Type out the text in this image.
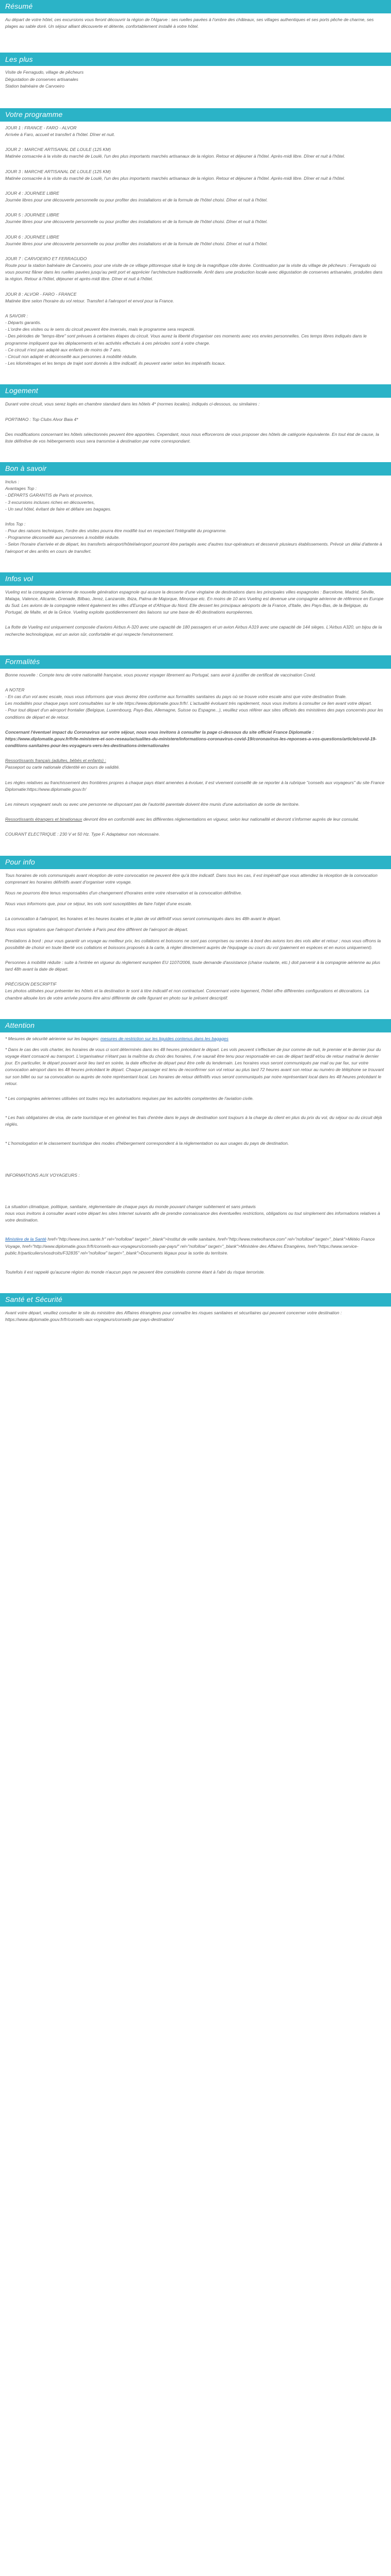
Résumé

Au départ de votre hôtel, ces excursions vous feront découvrir la région de l'Algarve : ses ruelles pavées à l'ombre des châteaux, ses villages authentiques et ses ports pêche de charme, ses plages au sable doré. Un séjour alliant découverte et détente, confortablement installé à votre hôtel.

Les plus
Visite de Ferragudo, village de pêcheurs
Dégustation de conserves artisanales
Station balnéaire de Carvoeiro
Votre programme

JOUR 1 : FRANCE - FARO - ALVOR
Arrivée à Faro, accueil et transfert à l'hôtel. Dîner et nuit.

JOUR 2 : MARCHE ARTISANAL DE LOULE (125 KM)
Matinée consacrée à la visite du marché de Loulé, l'un des plus importants marchés artisanaux de la région. Retour et déjeuner à l'hôtel. Après-midi libre. Dîner et nuit à l'hôtel.

JOUR 3 : MARCHE ARTISANAL DE LOULE (125 KM)
Matinée consacrée à la visite du marché de Loulé, l'un des plus importants marchés artisanaux de la région. Retour et déjeuner à l'hôtel. Après-midi libre. Dîner et nuit à l'hôtel.

JOUR 4 : JOURNEE LIBRE
Journée libres pour une découverte personnelle ou pour profiter des installations et de la formule de l'hôtel choisi. Dîner et nuit à l'hôtel.

JOUR 5 : JOURNEE LIBRE
Journée libres pour une découverte personnelle ou pour profiter des installations et de la formule de l'hôtel choisi. Dîner et nuit à l'hôtel.

JOUR 6 : JOURNEE LIBRE
Journée libres pour une découverte personnelle ou pour profiter des installations et de la formule de l'hôtel choisi. Dîner et nuit à l'hôtel.

JOUR 7 : CARVOEIRO ET FERRAGUDO
Route pour la station balnéaire de Carvoeiro, pour une visite de ce village pittoresque situé le long de la magnifique côte dorée. Continuation par la visite du village de pêcheurs : Ferragudo où vous pourrez flâner dans les ruelles pavées jusqu'au petit port et apprécier l'architecture traditionnelle. Arrêt dans une production locale avec dégustation de conserves artisanales, produites dans la région. Retour à l'hôtel, déjeuner et après-midi libre. Dîner et nuit à l'hôtel.

JOUR 8 : ALVOR - FARO - FRANCE
Matinée libre selon l'horaire du vol retour. Transfert à l'aéroport et envol pour la France.

A SAVOIR :
- Départs garantis.
- L'ordre des visites ou le sens du circuit peuvent être inversés, mais le programme sera respecté.
- Des périodes de "temps-libre" sont prévues à certaines étapes du circuit. Vous aurez la liberté d'organiser ces moments avec vos envies personnelles. Ces temps libres indiqués dans le programme impliquent que les déplacements et les activités effectués à ces périodes sont à votre charge.
- Ce circuit n'est pas adapté aux enfants de moins de 7 ans.
- Circuit non adapté et déconseillé aux personnes à mobilité réduite.
- Les kilométrages et les temps de trajet sont donnés à titre indicatif, ils peuvent varier selon les impératifs locaux.

Logement

Durant votre circuit, vous serez logés en chambre standard dans les hôtels 4* (normes locales), indiqués ci-dessous, ou similaires :

PORTIMAO : Top Clubs Alvor Baia 4*

Des modifications concernant les hôtels sélectionnés peuvent être apportées. Cependant, nous nous efforcerons de vous proposer des hôtels de catégorie équivalente. En tout état de cause, la liste définitive de vos hébergements vous sera transmise à destination par notre correspondant.

Bon à savoir

Inclus :
Avantages Top :
- DÉPARTS GARANTIS de Paris et province,
- 3 excursions incluses riches en découvertes,
- Un seul hôtel, évitant de faire et défaire ses bagages.

Infos Top :
- Pour des raisons techniques, l'ordre des visites pourra être modifié tout en respectant l'intégralité du programme.
- Programme déconseillé aux personnes à mobilité réduite.
- Selon l'horaire d'arrivée et de départ, les transferts aéroport/hôtel/aéroport pourront être partagés avec d'autres tour-opérateurs et desservir plusieurs établissements. Prévoir un délai d'attente à l'aéroport et des arrêts en cours de transfert.

Infos vol

Vueling est la compagnie aérienne de nouvelle génération espagnole qui assure la desserte d'une vingtaine de destinations dans les principales villes espagnoles : Barcelone, Madrid, Séville, Malaga, Valence, Alicante, Grenade, Bilbao, Jerez, Lanzarote, Ibiza, Palma de Majorque, Minorque etc. En moins de 10 ans Vueling est devenue une compagnie aérienne de référence en Europe du Sud. Les avions de la compagnie relient également les villes d'Europe et d'Afrique du Nord. Elle dessert les principaux aéroports de la France, d'Italie, des Pays-Bas, de la Belgique, du Portugal, de Malte, et de la Grèce. Vueling exploite quotidiennement des liaisons sur une base de 40 destinations européennes.

La flotte de Vueling est uniquement composée d'avions Airbus A-320 avec une capacité de 180 passagers et un avion Airbus A319 avec une capacité de 144 sièges. L'Airbus A320, un bijou de la recherche technologique, est un avion sûr, confortable et qui respecte l'environnement.

Formalités

Bonne nouvelle : Compte tenu de votre nationalité française, vous pouvez voyager librement au Portugal, sans avoir à justifier de certificat de vaccination Covid.

A NOTER
- En cas d'un vol avec escale, nous vous informons que vous devrez être conforme aux formalités sanitaires du pays où se trouve votre escale ainsi que votre destination finale.
Les modalités pour chaque pays sont consultables sur le site https://www.diplomatie.gouv.fr/fr/. L'actualité évoluant très rapidement, nous vous invitons à consulter ce lien avant votre départ.
- Pour tout départ d'un aéroport frontalier (Belgique, Luxembourg, Pays-Bas, Allemagne, Suisse ou Espagne...), veuillez vous référer aux sites officiels des ministères des pays concernés pour les conditions de départ et de retour.

Concernant l'éventuel impact du Coronavirus sur votre séjour, nous vous invitons à consulter la page ci-dessous du site officiel France Diplomatie :
https://www.diplomatie.gouv.fr/fr/le-ministere-et-son-reseau/actualites-du-ministere/informations-coronavirus-covid-19/coronavirus-les-reponses-a-vos-questions/article/covid-19-conditions-sanitaires-pour-les-voyageurs-vers-les-destinations-internationales

Ressortissants français (adultes, bébés et enfants) :
Passeport ou carte nationale d'identité en cours de validité.

Les règles relatives au franchissement des frontières propres à chaque pays étant amenées à évoluer, il est vivement conseillé de se reporter à la rubrique "conseils aux voyageurs" du site France Diplomatie:https://www.diplomatie.gouv.fr/

Les mineurs voyageant seuls ou avec une personne ne disposant pas de l'autorité parentale doivent être munis d'une autorisation de sortie de territoire.

Ressortissants étrangers et binationaux devront être en conformité avec les différentes réglementations en vigueur, selon leur nationalité et devront s'informer auprès de leur consulat.

COURANT ELECTRIQUE : 230 V et 50 Hz. Type F. Adaptateur non nécessaire.

Pour info

Tous horaires de vols communiqués avant réception de votre convocation ne peuvent être qu'à titre indicatif. Dans tous les cas, il est impératif que vous attendiez la réception de la convocation comprenant les horaires définitifs avant d'organiser votre voyage.

Nous ne pourrons être tenus responsables d'un changement d'horaires entre votre réservation et la convocation définitive.

Nous vous informons que, pour ce séjour, les vols sont susceptibles de faire l'objet d'une escale.

La convocation à l'aéroport, les horaires et les heures locales et le plan de vol définitif vous seront communiqués dans les 48h avant le départ.

Nous vous signalons que l'aéroport d'arrivée à Paris peut être différent de l'aéroport de départ.

Prestations à bord : pour vous garantir un voyage au meilleur prix, les collations et boissons ne sont pas comprises ou servies à bord des avions lors des vols aller et retour ; nous vous offrons la possibilité de choisir en toute liberté vos collations et boissons proposés à la carte, à régler directement auprès de l'équipage ou cours du vol (paiement en espèces et en euros uniquement).

Personnes à mobilité réduite : suite à l'entrée en vigueur du règlement européen EU 1107/2006, toute demande d'assistance (chaise roulante, etc.) doit parvenir à la compagnie aérienne au plus tard 48h avant la date de départ.

PRÉCISION DESCRIPTIF
Les photos utilisées pour présenter les hôtels et la destination le sont à titre indicatif et non contractuel. Concernant votre logement, l'hôtel offre différentes configurations et décorations. La chambre allouée lors de votre arrivée pourra être ainsi différente de celle figurant en photo sur le présent descriptif.

Attention

* Mesures de sécurité aérienne sur les bagages: mesures de restriction sur les liquides contenus dans les bagages

* Dans le cas des vols charter, les horaires de vous ci sont déterminés dans les 48 heures précédant le départ. Les vols peuvent s'effectuer de jour comme de nuit, le premier et le dernier jour du voyage étant consacré au transport. L'organisateur n'étant pas la maîtrise du choix des horaires, il ne saurait être tenu pour responsable en cas de départ tardif et/ou de retour matinal le dernier jour. En particulier, le départ pouvant avoir lieu tard en soirée, la date effective de départ peut être celle du lendemain. Les horaires vous seront communiqués par mail ou par fax, sur votre convocation aéroport dans les 48 heures précédant le départ. Chaque passager est tenu de reconfirmer son vol retour au plus tard 72 heures avant son retour au numéro de téléphone se trouvant sur son billet ou sur sa convocation ou auprès de notre représentant local. Les horaires de retour définitifs vous seront communiqués par notre représentant local dans les 48 heures précédant le retour.

* Les compagnies aériennes utilisées ont toutes reçu les autorisations requises par les autorités compétentes de l'aviation civile.

* Les frais obligatoires de visa, de carte touristique et en général les frais d'entrée dans le pays de destination sont toujours à la charge du client en plus du prix du vol, du séjour ou du circuit déjà réglés.

* L'homologation et le classement touristique des modes d'hébergement correspondent à la réglementation ou aux usages du pays de destination.

INFORMATIONS AUX VOYAGEURS :

La situation climatique, politique, sanitaire, réglementaire de chaque pays du monde pouvant changer subitement et sans préavis
nous vous invitons à consulter avant votre départ les sites Internet suivants afin de prendre connaissance des éventuelles restrictions, obligations ou tout simplement des informations relatives à votre destination.

Ministère de la Santé href="http://www.invs.sante.fr" rel="nofollow" target="_blank">Institut de veille sanitaire, href="http://www.meteofrance.com" rel="nofollow" target="_blank">Météo France Voyage, href="http://www.diplomatie.gouv.fr/fr/conseils-aux-voyageurs/conseils-par-pays/" rel="nofollow" target="_blank">Ministère des Affaires Étrangères, href="https://www.service-public.fr/particuliers/vosdroits/F32835" rel="nofollow" target="_blank">Documents légaux pour la sortie du territoire.

Toutefois il est rappelé qu'aucune région du monde n'aucun pays ne peuvent être considérés comme étant à l'abri du risque terroriste.

Santé et Sécurité

Avant votre départ, veuillez consulter le site du ministère des Affaires étrangères pour connaître les risques sanitaires et sécuritaires qui peuvent concerner votre destination : https://www.diplomatie.gouv.fr/fr/conseils-aux-voyageurs/conseils-par-pays-destination/
